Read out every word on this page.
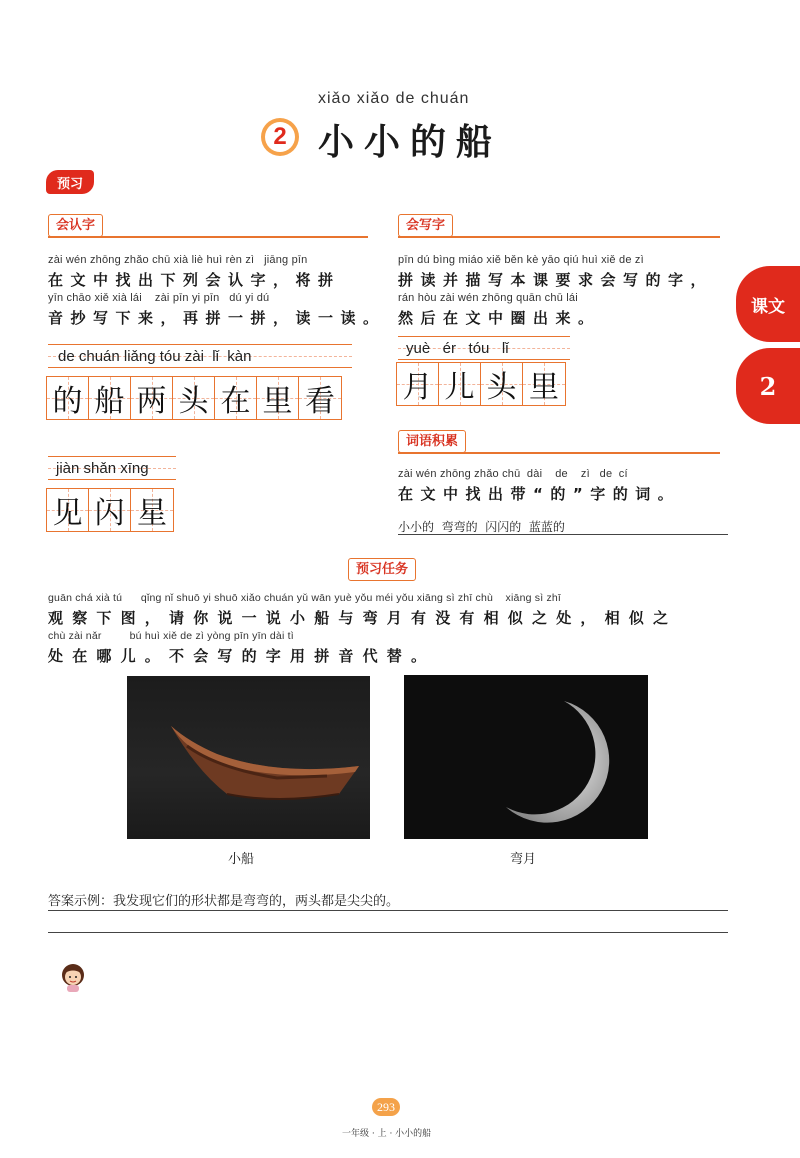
xiǎo xiǎo de chuán
2 小小的船
预习
会认字
zài wén zhōng zhǎo chū xià liè huì rèn zì   jiāng pīn
在文中找出下列会认字，将拼
yīn chāo xiě xià lái    zài pīn yi pīn   dú yi dú
音抄写下来，再拼一拼，读一读。
de chuán liǎng tóu zài  lǐ  kàn
的 船 两 头 在 里 看
jiàn shǎn xīng
见 闪 星
会写字
pīn dú bìng miáo xiě běn kè yāo qiú huì xiě de zì
拼读并描写本课要求会写的字，
rán hòu zài wén zhōng quān chū lái
然后在文中圈出来。
yuè   ér   tóu   lǐ
月 儿 头 里
词语积累
zài wén zhōng zhǎo chū  dài    de    zì   de  cí
在文中找出带“的”字的词。
小小的  弯弯的  闪闪的  蓝蓝的
课文
2
预习任务
guān chá xià tú      qǐng nǐ shuō yi shuō xiǎo chuán yǔ wān yuè yǒu méi yǒu xiāng sì zhī chù    xiāng sì zhī
观察下图，请你说一说小船与弯月有没有相似之处，相似之
chù zài nǎr         bú huì xiě de zì yòng pīn yīn dài tì
处在哪儿。不会写的字用拼音代替。
小船	弯月
答案示例：我发现它们的形状都是弯弯的，两头都是尖尖的。
293
一年级 · 上 · 小小的船
